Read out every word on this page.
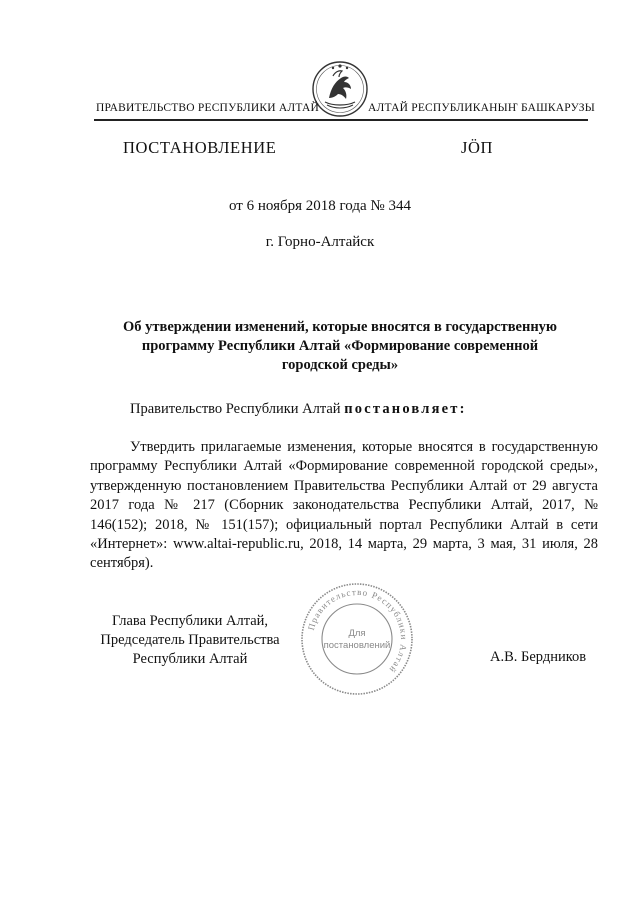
ПРАВИТЕЛЬСТВО РЕСПУБЛИКИ АЛТАЙ	АЛТАЙ РЕСПУБЛИКАНЫҤ БАШКАРУЗЫ
ПОСТАНОВЛЕНИЕ	ЈÖП
от 6 ноября 2018 года № 344
г. Горно-Алтайск
Об утверждении изменений, которые вносятся в государственную
программу Республики Алтай «Формирование современной
городской среды»
Правительство Республики Алтай постановляет:
Утвердить прилагаемые изменения, которые вносятся в государственную программу Республики Алтай «Формирование современной городской среды», утвержденную постановлением Правительства Республики Алтай от 29 августа 2017 года № 217 (Сборник законодательства Республики Алтай, 2017, № 146(152); 2018, № 151(157); официальный портал Республики Алтай в сети «Интернет»: www.altai-republic.ru, 2018, 14 марта, 29 марта, 3 мая, 31 июля, 28 сентября).
Глава Республики Алтай,
Председатель Правительства
Республики Алтай
Правительство Республики Алтай
Для
постановлений
А.В. Бердников
